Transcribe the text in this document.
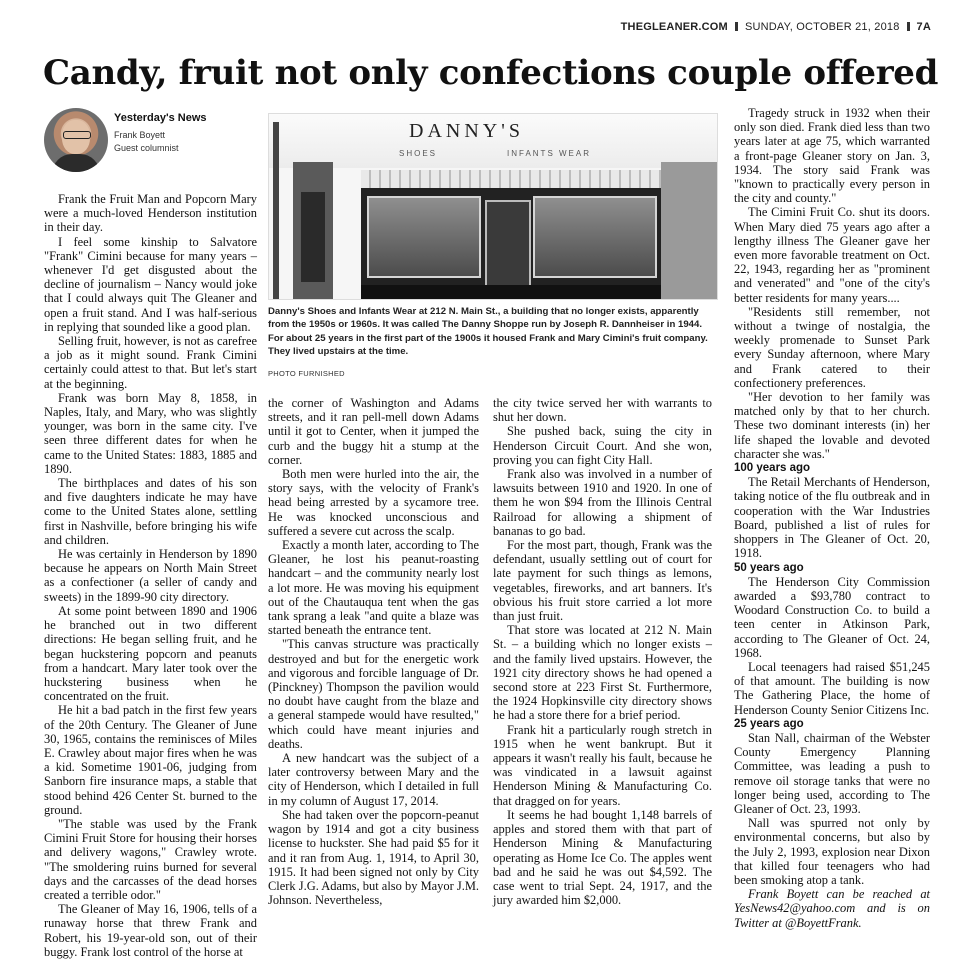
THEGLEANER.COM SUNDAY, OCTOBER 21, 2018 7A
Candy, fruit not only confections couple offered
Yesterday's News
Frank Boyett
Guest columnist
DANNY'S
SHOES	INFANTS WEAR
Danny's Shoes and Infants Wear at 212 N. Main St., a building that no longer exists, apparently from the 1950s or 1960s. It was called The Danny Shoppe run by Joseph R. Dannheiser in 1944. For about 25 years in the first part of the 1900s it housed Frank and Mary Cimini's fruit company. They lived upstairs at the time.
PHOTO FURNISHED

Frank the Fruit Man and Popcorn Mary were a much-loved Henderson institution in their day.

I feel some kinship to Salvatore "Frank" Cimini because for many years – whenever I'd get disgusted about the decline of journalism – Nancy would joke that I could always quit The Gleaner and open a fruit stand. And I was half-serious in replying that sounded like a good plan.

Selling fruit, however, is not as carefree a job as it might sound. Frank Cimini certainly could attest to that. But let's start at the beginning.

Frank was born May 8, 1858, in Naples, Italy, and Mary, who was slightly younger, was born in the same city. I've seen three different dates for when he came to the United States: 1883, 1885 and 1890.

The birthplaces and dates of his son and five daughters indicate he may have come to the United States alone, settling first in Nashville, before bringing his wife and children.

He was certainly in Henderson by 1890 because he appears on North Main Street as a confectioner (a seller of candy and sweets) in the 1899-90 city directory.

At some point between 1890 and 1906 he branched out in two different directions: He began selling fruit, and he began huckstering popcorn and peanuts from a handcart. Mary later took over the huckstering business when he concentrated on the fruit.

He hit a bad patch in the first few years of the 20th Century. The Gleaner of June 30, 1965, contains the reminisces of Miles E. Crawley about major fires when he was a kid. Sometime 1901-06, judging from Sanborn fire insurance maps, a stable that stood behind 426 Center St. burned to the ground.

"The stable was used by the Frank Cimini Fruit Store for housing their horses and delivery wagons," Crawley wrote. "The smoldering ruins burned for several days and the carcasses of the dead horses created a terrible odor."

The Gleaner of May 16, 1906, tells of a runaway horse that threw Frank and Robert, his 19-year-old son, out of their buggy. Frank lost control of the horse at

the corner of Washington and Adams streets, and it ran pell-mell down Adams until it got to Center, when it jumped the curb and the buggy hit a stump at the corner.

Both men were hurled into the air, the story says, with the velocity of Frank's head being arrested by a sycamore tree. He was knocked unconscious and suffered a severe cut across the scalp.

Exactly a month later, according to The Gleaner, he lost his peanut-roasting handcart – and the community nearly lost a lot more. He was moving his equipment out of the Chautauqua tent when the gas tank sprang a leak "and quite a blaze was started beneath the entrance tent.

"This canvas structure was practically destroyed and but for the energetic work and vigorous and forcible language of Dr. (Pinckney) Thompson the pavilion would no doubt have caught from the blaze and a general stampede would have resulted," which could have meant injuries and deaths.

A new handcart was the subject of a later controversy between Mary and the city of Henderson, which I detailed in full in my column of August 17, 2014.

She had taken over the popcorn-peanut wagon by 1914 and got a city business license to huckster. She had paid $5 for it and it ran from Aug. 1, 1914, to April 30, 1915. It had been signed not only by City Clerk J.G. Adams, but also by Mayor J.M. Johnson. Nevertheless,

the city twice served her with warrants to shut her down.

She pushed back, suing the city in Henderson Circuit Court. And she won, proving you can fight City Hall.

Frank also was involved in a number of lawsuits between 1910 and 1920. In one of them he won $94 from the Illinois Central Railroad for allowing a shipment of bananas to go bad.

For the most part, though, Frank was the defendant, usually settling out of court for late payment for such things as lemons, vegetables, fireworks, and art banners. It's obvious his fruit store carried a lot more than just fruit.

That store was located at 212 N. Main St. – a building which no longer exists – and the family lived upstairs. However, the 1921 city directory shows he had opened a second store at 223 First St. Furthermore, the 1924 Hopkinsville city directory shows he had a store there for a brief period.

Frank hit a particularly rough stretch in 1915 when he went bankrupt. But it appears it wasn't really his fault, because he was vindicated in a lawsuit against Henderson Mining & Manufacturing Co. that dragged on for years.

It seems he had bought 1,148 barrels of apples and stored them with that part of Henderson Mining & Manufacturing operating as Home Ice Co. The apples went bad and he said he was out $4,592. The case went to trial Sept. 24, 1917, and the jury awarded him $2,000.

Tragedy struck in 1932 when their only son died. Frank died less than two years later at age 75, which warranted a front-page Gleaner story on Jan. 3, 1934. The story said Frank was "known to practically every person in the city and county."

The Cimini Fruit Co. shut its doors. When Mary died 75 years ago after a lengthy illness The Gleaner gave her even more favorable treatment on Oct. 22, 1943, regarding her as "prominent and venerated" and "one of the city's better residents for many years....

"Residents still remember, not without a twinge of nostalgia, the weekly promenade to Sunset Park every Sunday afternoon, where Mary and Frank catered to their confectionery preferences.

"Her devotion to her family was matched only by that to her church. These two dominant interests (in) her life shaped the lovable and devoted character she was."

100 years ago

The Retail Merchants of Henderson, taking notice of the flu outbreak and in cooperation with the War Industries Board, published a list of rules for shoppers in The Gleaner of Oct. 20, 1918.

50 years ago

The Henderson City Commission awarded a $93,780 contract to Woodard Construction Co. to build a teen center in Atkinson Park, according to The Gleaner of Oct. 24, 1968.

Local teenagers had raised $51,245 of that amount. The building is now The Gathering Place, the home of Henderson County Senior Citizens Inc.

25 years ago

Stan Nall, chairman of the Webster County Emergency Planning Committee, was leading a push to remove oil storage tanks that were no longer being used, according to The Gleaner of Oct. 23, 1993.

Nall was spurred not only by environmental concerns, but also by the July 2, 1993, explosion near Dixon that killed four teenagers who had been smoking atop a tank.

Frank Boyett can be reached at YesNews42@yahoo.com and is on Twitter at @BoyettFrank.
